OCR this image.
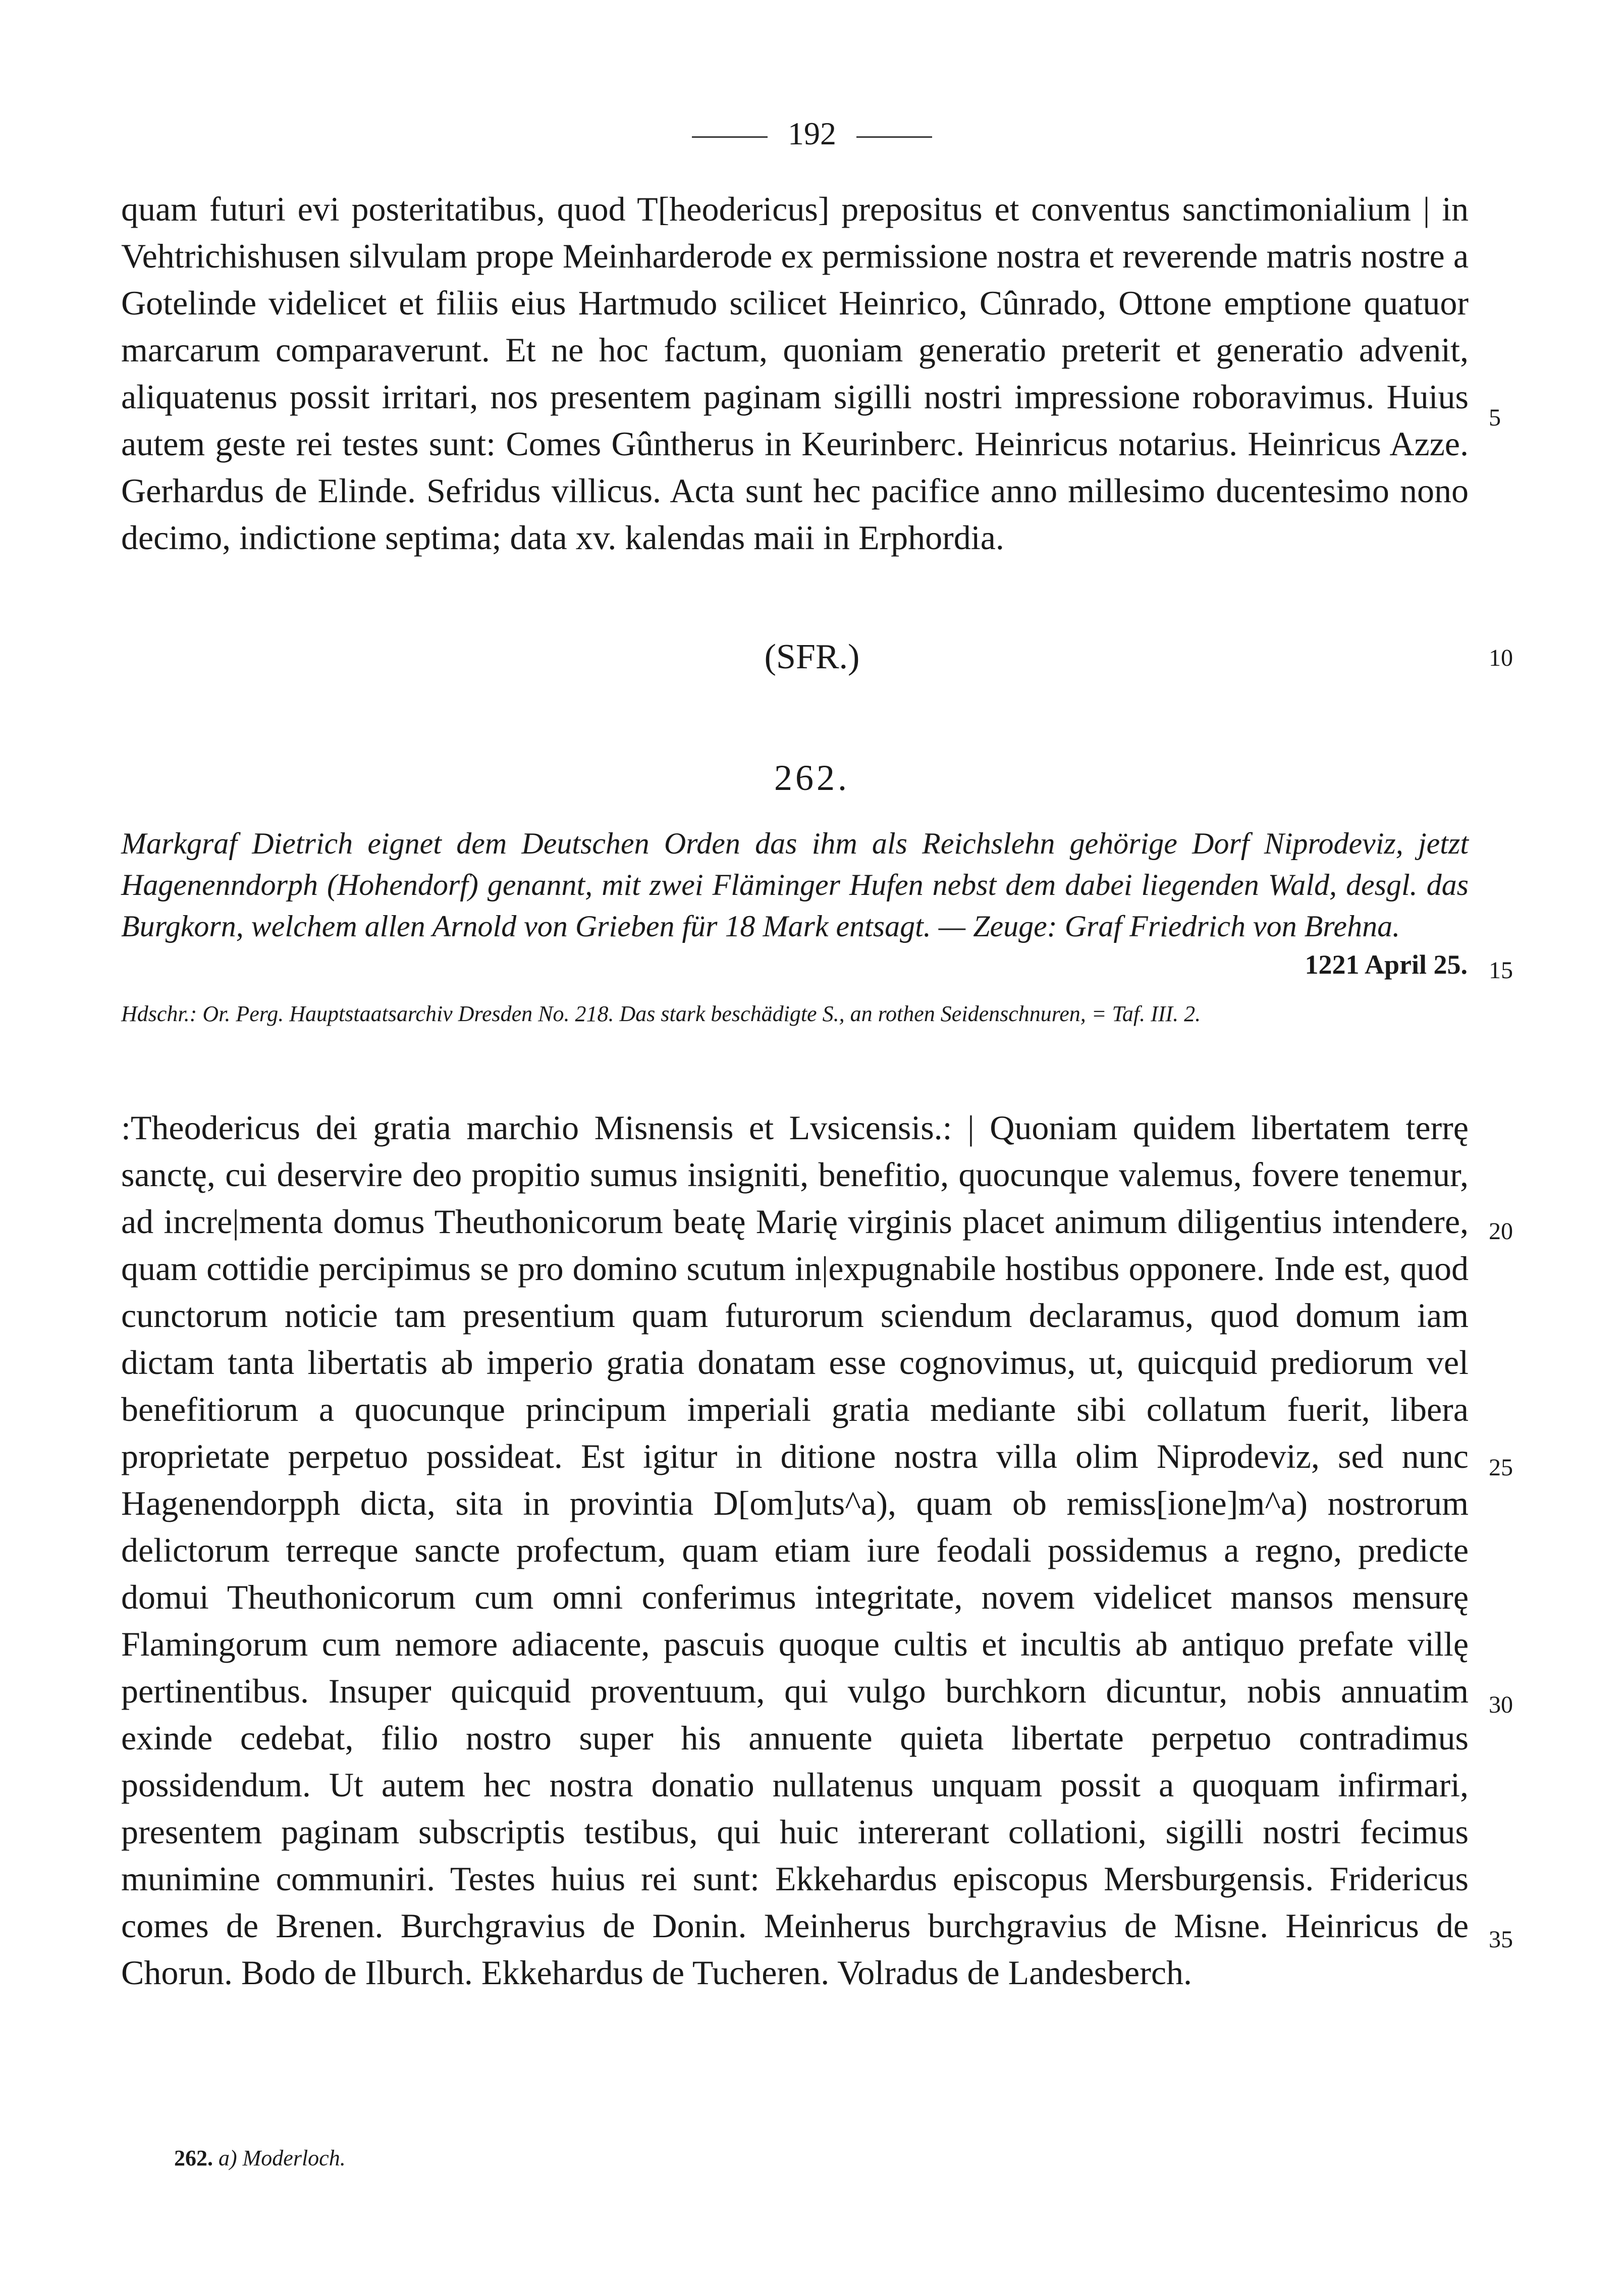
192
quam futuri evi posteritatibus, quod T[heodericus] prepositus et conventus sanctimonialium | in Vehtrichishusen silvulam prope Meinharderode ex permissione nostra et reverende matris nostre a Gotelinde videlicet et filiis eius Hartmudo scilicet Heinrico, Cûnrado, Ottone emptione quatuor marcarum comparaverunt. Et ne hoc factum, quoniam generatio preterit et generatio advenit, aliquatenus possit irritari, nos presentem paginam sigilli nostri impressione roboravimus. Huius autem geste rei testes sunt: Comes Gûntherus in Keurinberc. Heinricus notarius. Heinricus Azze. Gerhardus de Elinde. Sefridus villicus. Acta sunt hec pacifice anno millesimo ducentesimo nono decimo, indictione septima; data xv. kalendas maii in Erphordia.
5
10
(SFR.)
262.
Markgraf Dietrich eignet dem Deutschen Orden das ihm als Reichslehn gehörige Dorf Niprodeviz, jetzt Hagenenndorph (Hohendorf) genannt, mit zwei Fläminger Hufen nebst dem dabei liegenden Wald, desgl. das Burgkorn, welchem allen Arnold von Grieben für 18 Mark entsagt. — Zeuge: Graf Friedrich von Brehna.
1221 April 25. 15
Hdschr.: Or. Perg. Hauptstaatsarchiv Dresden No. 218. Das stark beschädigte S., an rothen Seidenschnuren, = Taf. III. 2.
:Theodericus dei gratia marchio Misnensis et Lvsicensis.: | Quoniam quidem libertatem terrę sanctę, cui deservire deo propitio sumus insigniti, benefitio, quocunque valemus, fovere tenemur, ad incre|menta domus Theuthonicorum beatę Marię virginis placet animum diligentius intendere, quam cottidie percipimus se pro domino scutum in|expugnabile hostibus opponere. Inde est, quod cunctorum noticie tam presentium quam futurorum sciendum declaramus, quod domum iam dictam tanta libertatis ab imperio gratia donatam esse cognovimus, ut, quicquid prediorum vel benefitiorum a quocunque principum imperiali gratia mediante sibi collatum fuerit, libera proprietate perpetuo possideat. Est igitur in ditione nostra villa olim Niprodeviz, sed nunc Hagenendorpph dicta, sita in provintia D[om]uts^a), quam ob remiss[ione]m^a) nostrorum delictorum terreque sancte profectum, quam etiam iure feodali possidemus a regno, predicte domui Theuthonicorum cum omni conferimus integritate, novem videlicet mansos mensurę Flamingorum cum nemore adiacente, pascuis quoque cultis et incultis ab antiquo prefate villę pertinentibus. Insuper quicquid proventuum, qui vulgo burchkorn dicuntur, nobis annuatim exinde cedebat, filio nostro super his annuente quieta libertate perpetuo contradimus possidendum. Ut autem hec nostra donatio nullatenus unquam possit a quoquam infirmari, presentem paginam subscriptis testibus, qui huic intererant collationi, sigilli nostri fecimus munimine communiri. Testes huius rei sunt: Ekkehardus episcopus Mersburgensis. Fridericus comes de Brenen. Burchgravius de Donin. Meinherus burchgravius de Misne. Heinricus de Chorun. Bodo de Ilburch. Ekkehardus de Tucheren. Volradus de Landesberch.
20
25
30
35
262. a) Moderloch.
